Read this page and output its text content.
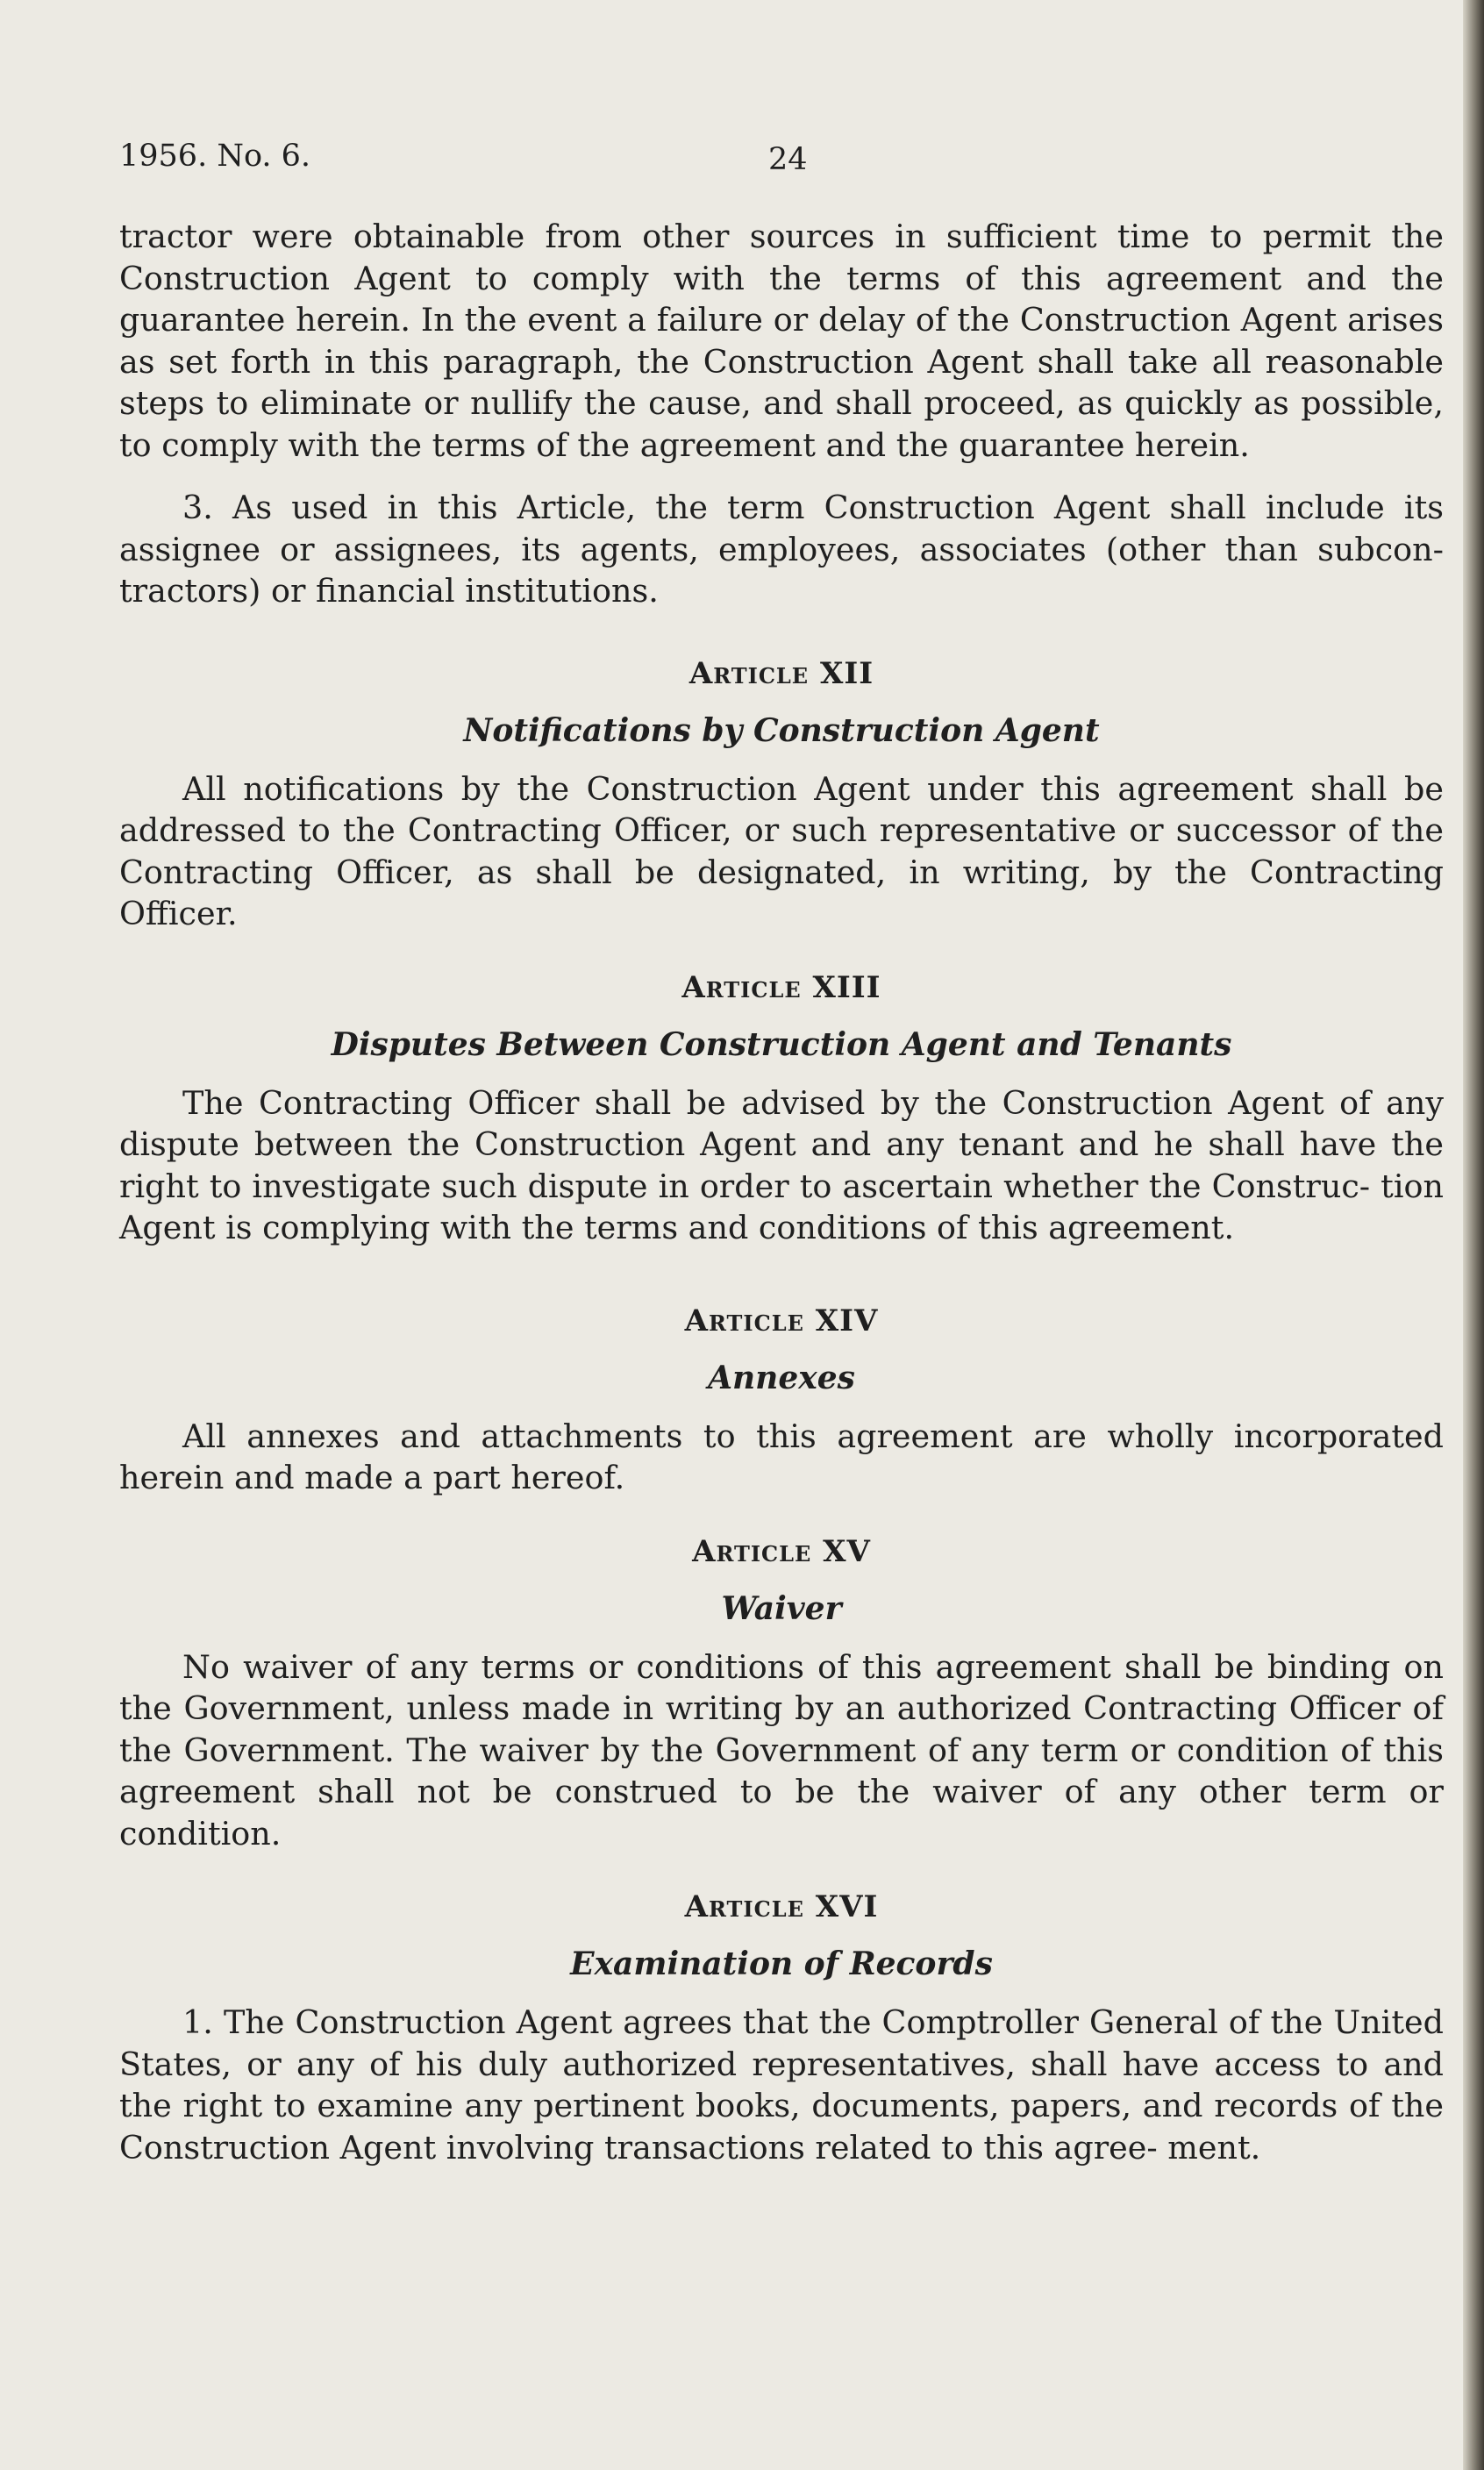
1956. No. 6.	24

tractor were obtainable from other sources in sufficient time to permit the Construction Agent to comply with the terms of this agreement and the guarantee herein. In the event a failure or delay of the Construction Agent arises as set forth in this paragraph, the Construction Agent shall take all reasonable steps to eliminate or nullify the cause, and shall proceed, as quickly as possible, to comply with the terms of the agreement and the guarantee herein.

3. As used in this Article, the term Construction Agent shall include its assignee or assignees, its agents, employees, associates (other than subcon- tractors) or financial institutions.

Article XII
Notifications by Construction Agent

All notifications by the Construction Agent under this agreement shall be addressed to the Contracting Officer, or such representative or successor of the Contracting Officer, as shall be designated, in writing, by the Contracting Officer.

Article XIII
Disputes Between Construction Agent and Tenants

The Contracting Officer shall be advised by the Construction Agent of any dispute between the Construction Agent and any tenant and he shall have the right to investigate such dispute in order to ascertain whether the Construc- tion Agent is complying with the terms and conditions of this agreement.

Article XIV
Annexes

All annexes and attachments to this agreement are wholly incorporated herein and made a part hereof.

Article XV
Waiver

No waiver of any terms or conditions of this agreement shall be binding on the Government, unless made in writing by an authorized Contracting Officer of the Government. The waiver by the Government of any term or condition of this agreement shall not be construed to be the waiver of any other term or condition.

Article XVI
Examination of Records

1. The Construction Agent agrees that the Comptroller General of the United States, or any of his duly authorized representatives, shall have access to and the right to examine any pertinent books, documents, papers, and records of the Construction Agent involving transactions related to this agree- ment.
